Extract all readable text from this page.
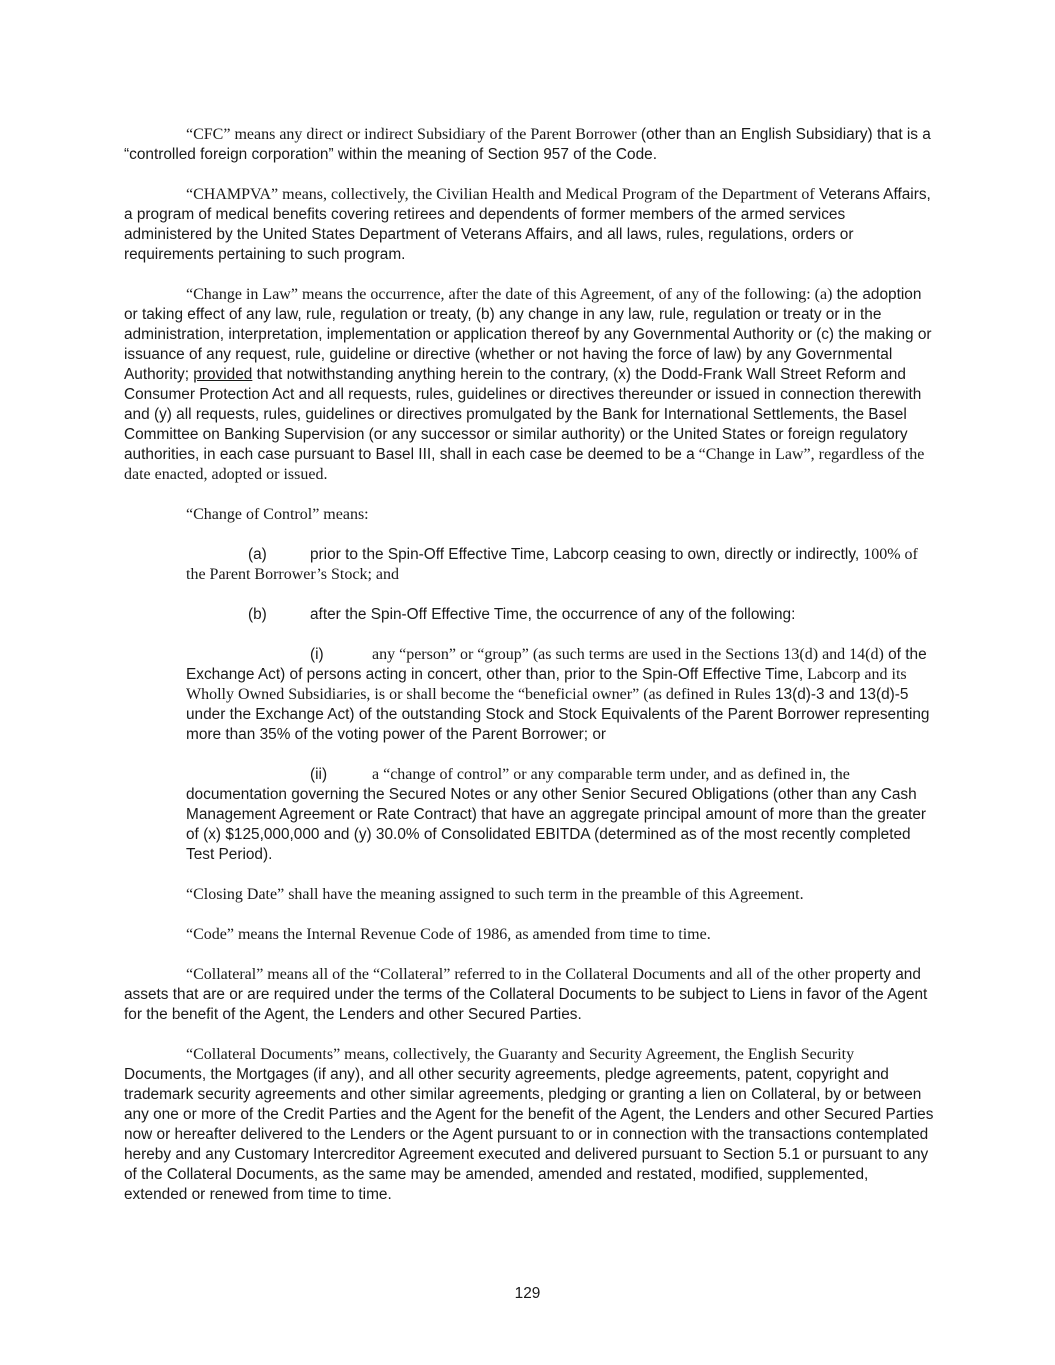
“CFC” means any direct or indirect Subsidiary of the Parent Borrower (other than an English Subsidiary) that is a “controlled foreign corporation” within the meaning of Section 957 of the Code.

“CHAMPVA” means, collectively, the Civilian Health and Medical Program of the Department of Veterans Affairs, a program of medical benefits covering retirees and dependents of former members of the armed services administered by the United States Department of Veterans Affairs, and all laws, rules, regulations, orders or requirements pertaining to such program.

“Change in Law” means the occurrence, after the date of this Agreement, of any of the following: (a) the adoption or taking effect of any law, rule, regulation or treaty, (b) any change in any law, rule, regulation or treaty or in the administration, interpretation, implementation or application thereof by any Governmental Authority or (c) the making or issuance of any request, rule, guideline or directive (whether or not having the force of law) by any Governmental Authority; provided that notwithstanding anything herein to the contrary, (x) the Dodd-Frank Wall Street Reform and Consumer Protection Act and all requests, rules, guidelines or directives thereunder or issued in connection therewith and (y) all requests, rules, guidelines or directives promulgated by the Bank for International Settlements, the Basel Committee on Banking Supervision (or any successor or similar authority) or the United States or foreign regulatory authorities, in each case pursuant to Basel III, shall in each case be deemed to be a “Change in Law”, regardless of the date enacted, adopted or issued.

“Change of Control” means:

(a)	prior to the Spin-Off Effective Time, Labcorp ceasing to own, directly or indirectly, 100% of the Parent Borrower’s Stock; and

(b)	after the Spin-Off Effective Time, the occurrence of any of the following:

(i)	any “person” or “group” (as such terms are used in the Sections 13(d) and 14(d) of the Exchange Act) of persons acting in concert, other than, prior to the Spin-Off Effective Time, Labcorp and its Wholly Owned Subsidiaries, is or shall become the “beneficial owner” (as defined in Rules 13(d)-3 and 13(d)-5 under the Exchange Act) of the outstanding Stock and Stock Equivalents of the Parent Borrower representing more than 35% of the voting power of the Parent Borrower; or

(ii)	a “change of control” or any comparable term under, and as defined in, the documentation governing the Secured Notes or any other Senior Secured Obligations (other than any Cash Management Agreement or Rate Contract) that have an aggregate principal amount of more than the greater of (x) $125,000,000 and (y) 30.0% of Consolidated EBITDA (determined as of the most recently completed Test Period).

“Closing Date” shall have the meaning assigned to such term in the preamble of this Agreement.

“Code” means the Internal Revenue Code of 1986, as amended from time to time.

“Collateral” means all of the “Collateral” referred to in the Collateral Documents and all of the other property and assets that are or are required under the terms of the Collateral Documents to be subject to Liens in favor of the Agent for the benefit of the Agent, the Lenders and other Secured Parties.

“Collateral Documents” means, collectively, the Guaranty and Security Agreement, the English Security Documents, the Mortgages (if any), and all other security agreements, pledge agreements, patent, copyright and trademark security agreements and other similar agreements, pledging or granting a lien on Collateral, by or between any one or more of the Credit Parties and the Agent for the benefit of the Agent, the Lenders and other Secured Parties now or hereafter delivered to the Lenders or the Agent pursuant to or in connection with the transactions contemplated hereby and any Customary Intercreditor Agreement executed and delivered pursuant to Section 5.1 or pursuant to any of the Collateral Documents, as the same may be amended, amended and restated, modified, supplemented, extended or renewed from time to time.

129
